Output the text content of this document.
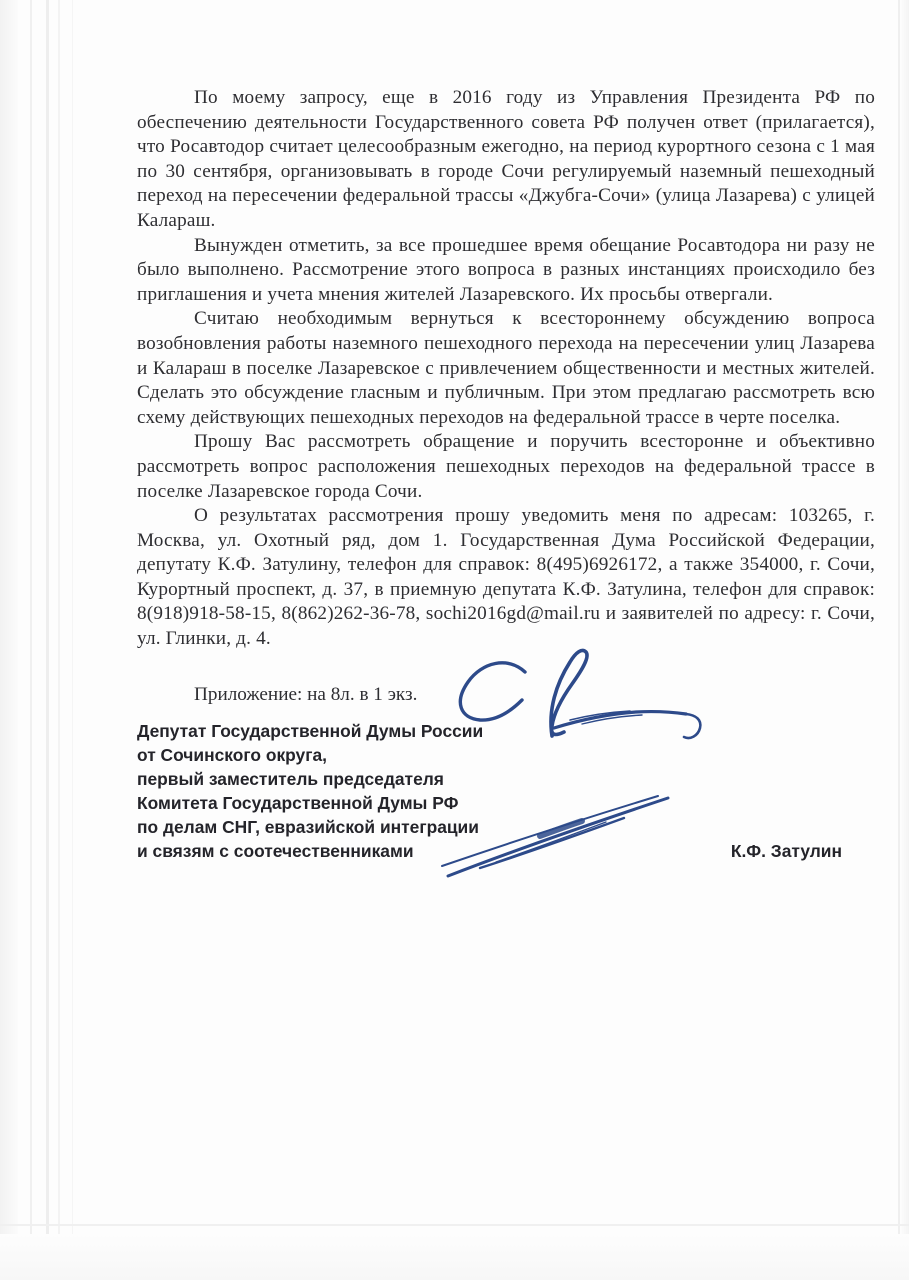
По моему запросу, еще в 2016 году из Управления Президента РФ по обеспечению деятельности Государственного совета РФ получен ответ (прилагается), что Росавтодор считает целесообразным ежегодно, на период курортного сезона с 1 мая по 30 сентября, организовывать в городе Сочи регулируемый наземный пешеходный переход на пересечении федеральной трассы «Джубга-Сочи» (улица Лазарева) с улицей Калараш.

Вынужден отметить, за все прошедшее время обещание Росавтодора ни разу не было выполнено. Рассмотрение этого вопроса в разных инстанциях происходило без приглашения и учета мнения жителей Лазаревского. Их просьбы отвергали.

Считаю необходимым вернуться к всестороннему обсуждению вопроса возобновления работы наземного пешеходного перехода на пересечении улиц Лазарева и Калараш в поселке Лазаревское с привлечением общественности и местных жителей. Сделать это обсуждение гласным и публичным. При этом предлагаю рассмотреть всю схему действующих пешеходных переходов на федеральной трассе в черте поселка.

Прошу Вас рассмотреть обращение и поручить всесторонне и объективно рассмотреть вопрос расположения пешеходных переходов на федеральной трассе в поселке Лазаревское города Сочи.

О результатах рассмотрения прошу уведомить меня по адресам: 103265, г. Москва, ул. Охотный ряд, дом 1. Государственная Дума Российской Федерации, депутату К.Ф. Затулину, телефон для справок: 8(495)6926172, а также 354000, г. Сочи, Курортный проспект, д. 37, в приемную депутата К.Ф. Затулина, телефон для справок: 8(918)918-58-15, 8(862)262-36-78, sochi2016gd@mail.ru и заявителей по адресу: г. Сочи, ул. Глинки, д. 4.

Приложение: на 8л. в 1 экз.

Депутат Государственной Думы России
от Сочинского округа,
первый заместитель председателя
Комитета Государственной Думы РФ
по делам СНГ, евразийской интеграции
и связям с соотечественниками	К.Ф. Затулин
